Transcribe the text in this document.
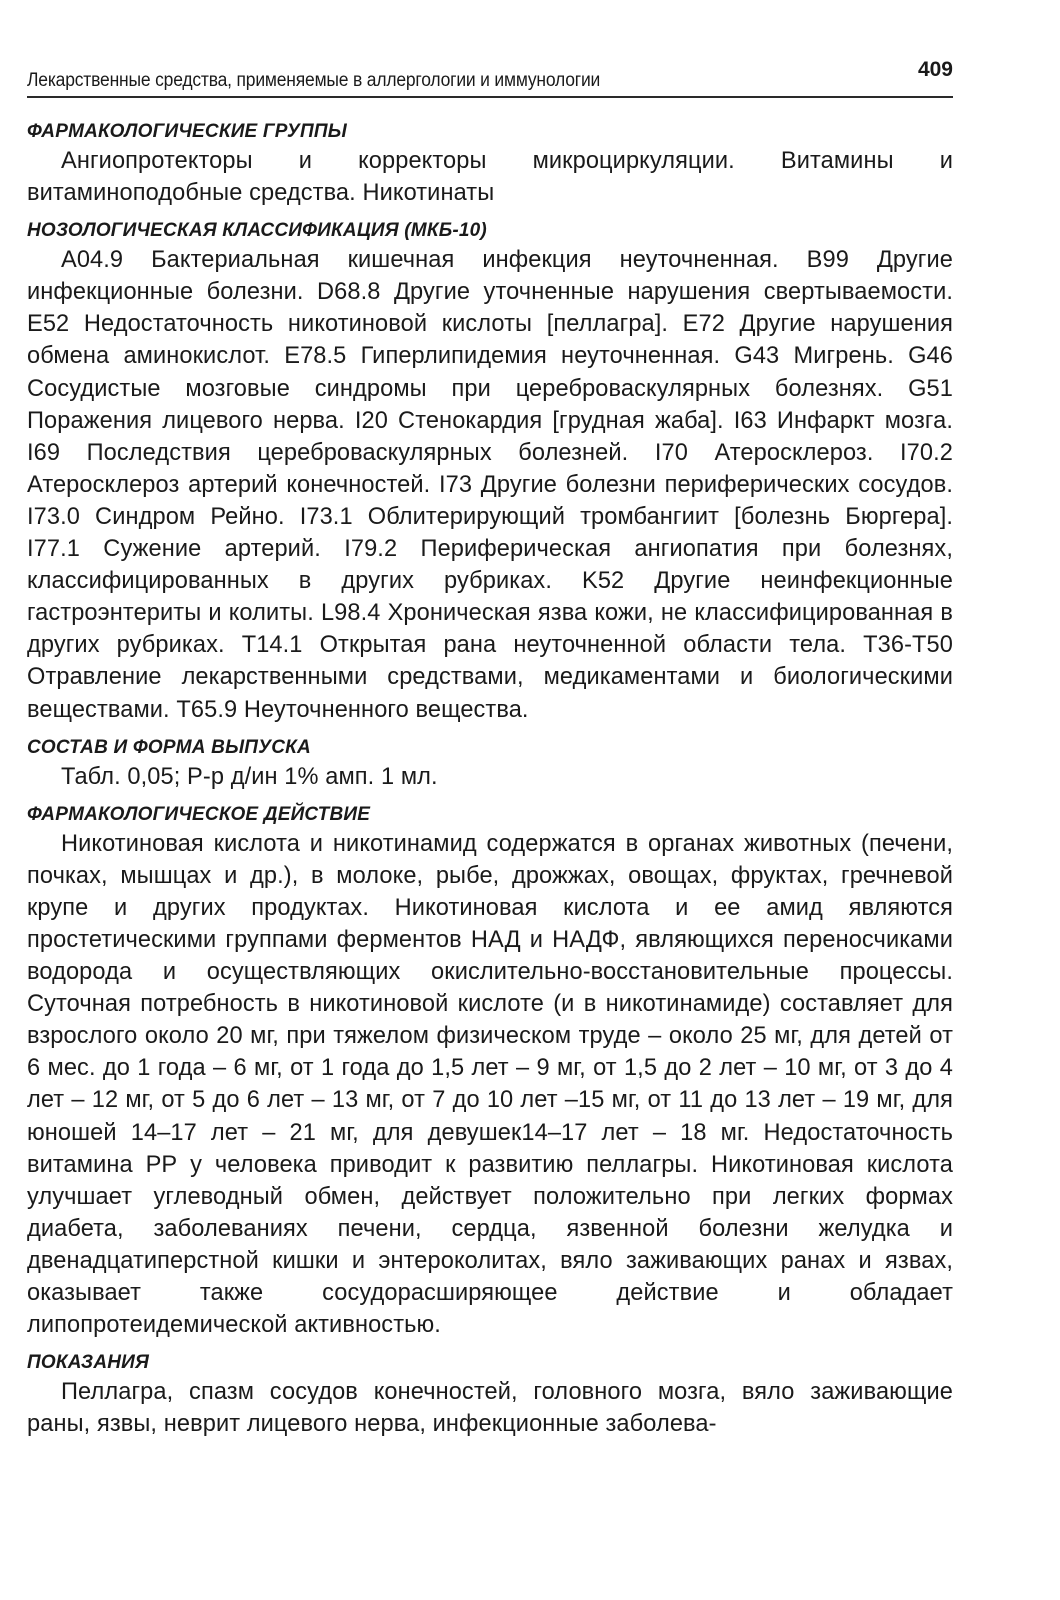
Лекарственные средства, применяемые в аллергологии и иммунологии	409
ФАРМАКОЛОГИЧЕСКИЕ ГРУППЫ

Ангиопротекторы и корректоры микроциркуляции. Витамины и витаминоподобные средства. Никотинаты

НОЗОЛОГИЧЕСКАЯ КЛАССИФИКАЦИЯ (МКБ-10)

A04.9 Бактериальная кишечная инфекция неуточненная. B99 Другие инфекционные болезни. D68.8 Другие уточненные нарушения свертываемости. E52 Недостаточность никотиновой кислоты [пеллагра]. E72 Другие нарушения обмена аминокислот. E78.5 Гиперлипидемия неуточненная. G43 Мигрень. G46 Сосудистые мозговые синдромы при цереброваскулярных болезнях. G51 Поражения лицевого нерва. I20 Стенокардия [грудная жаба]. I63 Инфаркт мозга. I69 Последствия цереброваскулярных болезней. I70 Атеросклероз. I70.2 Атеросклероз артерий конечностей. I73 Другие болезни периферических сосудов. I73.0 Синдром Рейно. I73.1 Облитерирующий тромбангиит [болезнь Бюргера]. I77.1 Сужение артерий. I79.2 Периферическая ангиопатия при болезнях, классифицированных в других рубриках. K52 Другие неинфекционные гастроэнтериты и колиты. L98.4 Хроническая язва кожи, не классифицированная в других рубриках. T14.1 Открытая рана неуточненной области тела. T36-T50 Отравление лекарственными средствами, медикаментами и биологическими веществами. T65.9 Неуточненного вещества.

СОСТАВ И ФОРМА ВЫПУСКА

Табл. 0,05; Р-р д/ин 1% амп. 1 мл.

ФАРМАКОЛОГИЧЕСКОЕ ДЕЙСТВИЕ

Никотиновая кислота и никотинамид содержатся в органах животных (печени, почках, мышцах и др.), в молоке, рыбе, дрожжах, овощах, фруктах, гречневой крупе и других продуктах. Никотиновая кислота и ее амид являются простетическими группами ферментов НАД и НАДФ, являющихся переносчиками водорода и осуществляющих окислительно-восстановительные процессы. Суточная потребность в никотиновой кислоте (и в никотинамиде) составляет для взрослого около 20 мг, при тяжелом физическом труде – около 25 мг, для детей от 6 мес. до 1 года – 6 мг, от 1 года до 1,5 лет – 9 мг, от 1,5 до 2 лет – 10 мг, от 3 до 4 лет – 12 мг, от 5 до 6 лет – 13 мг, от 7 до 10 лет –15 мг, от 11 до 13 лет – 19 мг, для юношей 14–17 лет – 21 мг, для девушек14–17 лет – 18 мг. Недостаточность витамина РР у человека приводит к развитию пеллагры. Никотиновая кислота улучшает углеводный обмен, действует положительно при легких формах диабета, заболеваниях печени, сердца, язвенной болезни желудка и двенадцатиперстной кишки и энтероколитах, вяло заживающих ранах и язвах, оказывает также сосудорасширяющее действие и обладает липопротеидемической активностью.

ПОКАЗАНИЯ

Пеллагра, спазм сосудов конечностей, головного мозга, вяло заживающие раны, язвы, неврит лицевого нерва, инфекционные заболева-
